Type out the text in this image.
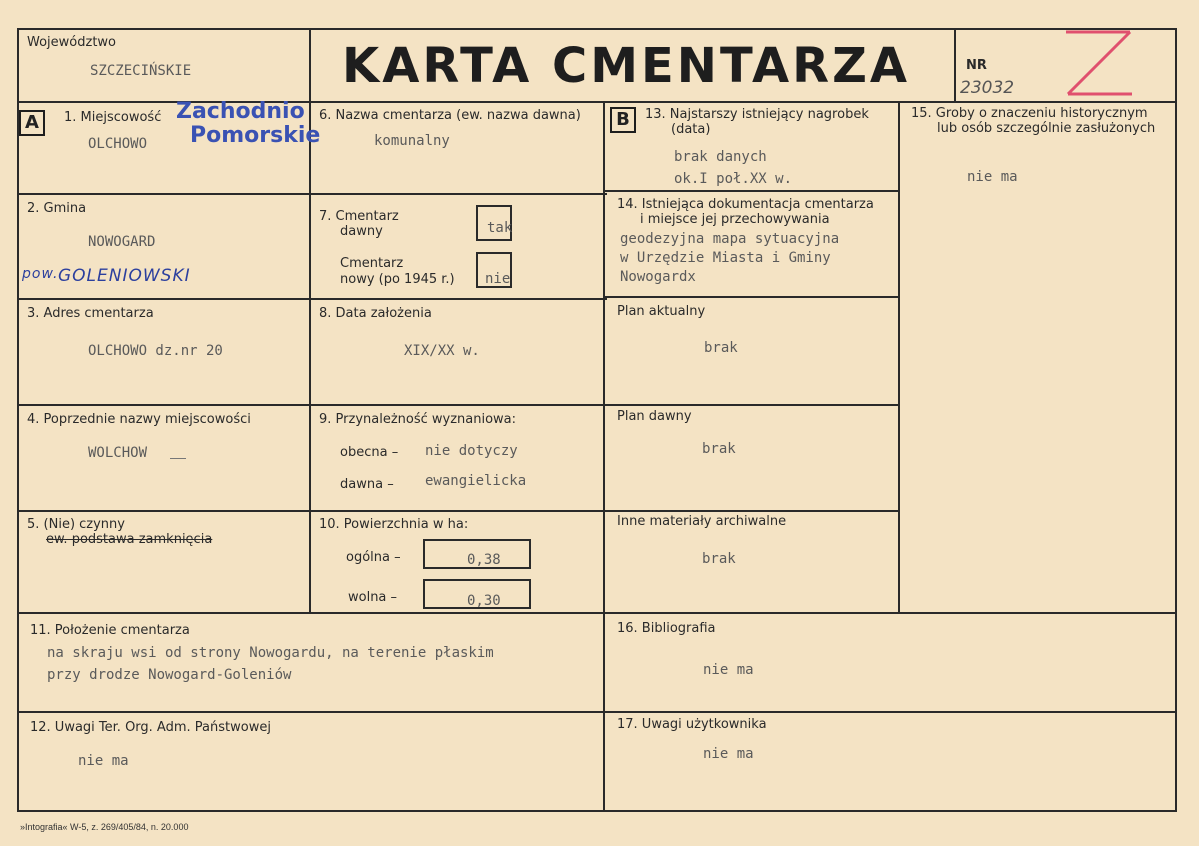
Województwo
SZCZECIŃSKIE	KARTA CMENTARZA	NR
23032
Zachodnio
Pomorskie
A	1. Miejscowość
OLCHOWO
6. Nazwa cmentarza (ew. nazwa dawna)
komunalny
2. Gmina
NOWOGARD
pow. GOLENIOWSKI
7. Cmentarz
dawny	tak
Cmentarz
nowy (po 1945 r.) nie
3. Adres cmentarza
OLCHOWO dz.nr 20
8. Data założenia
XIX/XX w.
4. Poprzednie nazwy miejscowości
WOLCHOW
9. Przynależność wyznaniowa:
obecna – nie dotyczy
dawna – ewangielicka
5. (Nie) czynny
ew. podstawa zamknięcia
10. Powierzchnia w ha:
ogólna –	0,38
wolna –	0,30
B	13. Najstarszy istniejący nagrobek
(data)
brak danych
ok.I poł.XX w.
14. Istniejąca dokumentacja cmentarza
i miejsce jej przechowywania
geodezyjna mapa sytuacyjna
w Urzędzie Miasta i Gminy
Nowogardx
Plan aktualny
brak
Plan dawny
brak
Inne materiały archiwalne
brak
15. Groby o znaczeniu historycznym
lub osób szczególnie zasłużonych
nie ma
11. Położenie cmentarza
na skraju wsi od strony Nowogardu, na terenie płaskim
przy drodze Nowogard-Goleniów
16. Bibliografia
nie ma
12. Uwagi Ter. Org. Adm. Państwowej
nie ma
17. Uwagi użytkownika
nie ma
»Intografia« W-5, z. 269/405/84, n. 20.000
